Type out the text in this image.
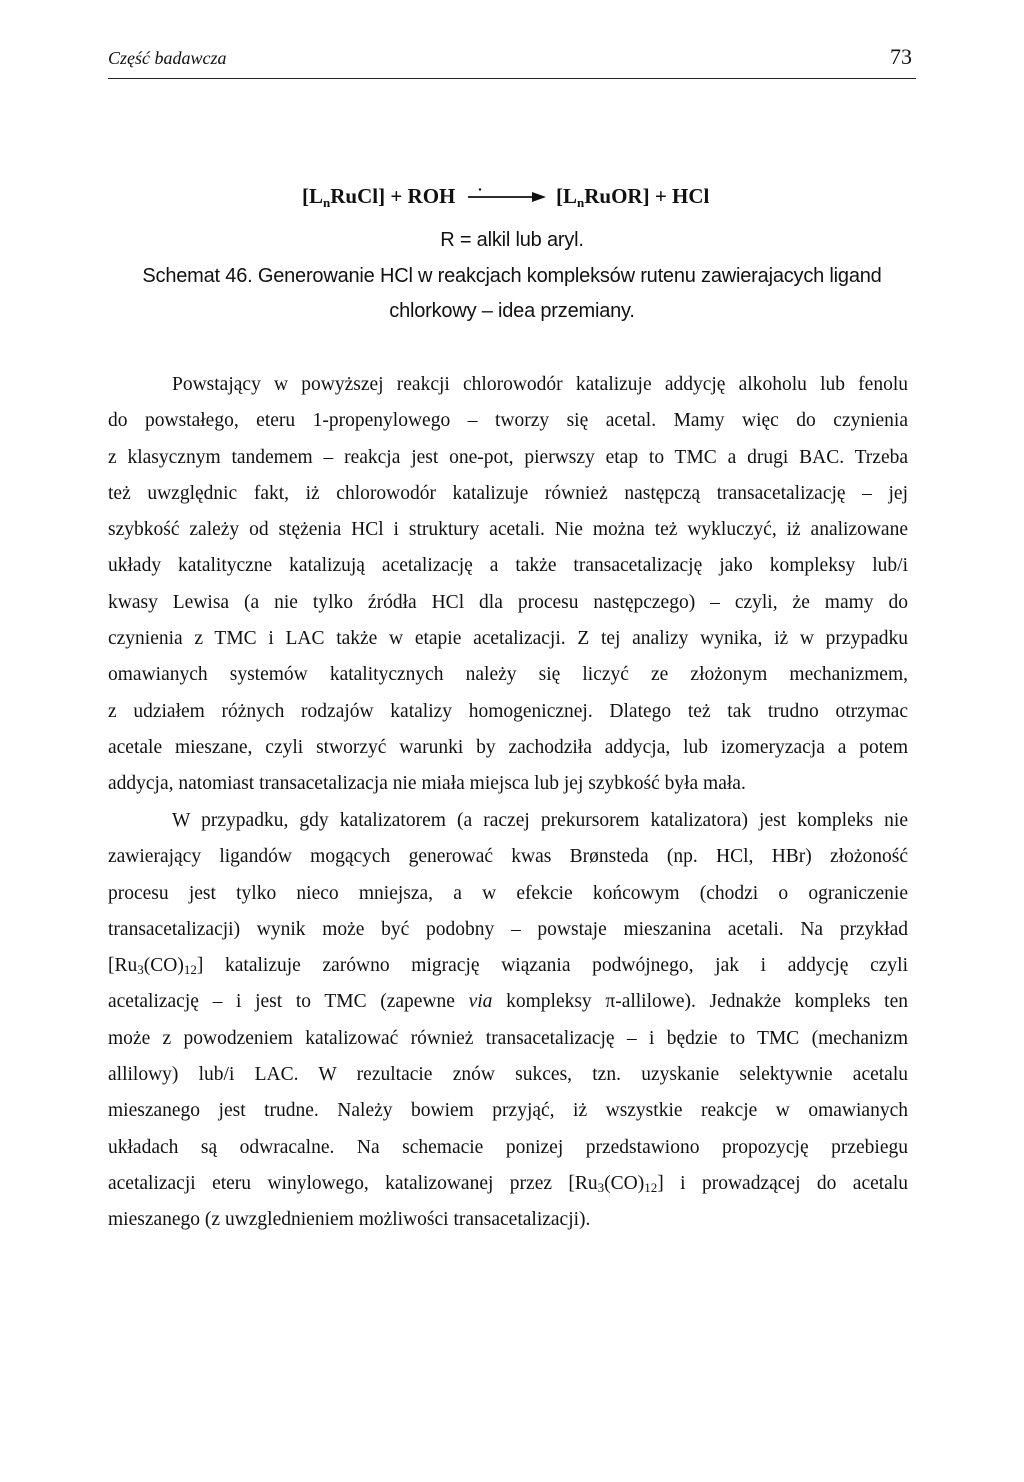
Część badawcza	73
$[L_nRuCl]$ + ROH	$[L_nRuOR]$ + HCl
R = alkil lub aryl.
Schemat 46. Generowanie HCl w reakcjach kompleksów rutenu zawierajacych ligand
chlorkowy – idea przemiany.
Powstający w powyższej reakcji chlorowodór katalizuje addycję alkoholu lub fenolu
do powstałego, eteru 1-propenylowego – tworzy się acetal. Mamy więc do czynienia
z klasycznym tandemem – reakcja jest one-pot, pierwszy etap to TMC a drugi BAC. Trzeba
też uwzględnic fakt, iż chlorowodór katalizuje również następczą transacetalizację – jej
szybkość zależy od stężenia HCl i struktury acetali. Nie można też wykluczyć, iż analizowane
układy katalityczne katalizują acetalizację a także transacetalizację jako kompleksy lub/i
kwasy Lewisa (a nie tylko źródła HCl dla procesu następczego) – czyli, że mamy do
czynienia z TMC i LAC także w etapie acetalizacji. Z tej analizy wynika, iż w przypadku
omawianych systemów katalitycznych należy się liczyć ze złożonym mechanizmem,
z udziałem różnych rodzajów katalizy homogenicznej. Dlatego też tak trudno otrzymac
acetale mieszane, czyli stworzyć warunki by zachodziła addycja, lub izomeryzacja a potem
addycja, natomiast transacetalizacja nie miała miejsca lub jej szybkość była mała.
W przypadku, gdy katalizatorem (a raczej prekursorem katalizatora) jest kompleks nie
zawierający ligandów mogących generować kwas Brønsteda (np. HCl, HBr) złożoność
procesu jest tylko nieco mniejsza, a w efekcie końcowym (chodzi o ograniczenie
transacetalizacji) wynik może być podobny – powstaje mieszanina acetali. Na przykład
$[Ru_3(CO)_{12}]$ katalizuje zarówno migrację wiązania podwójnego, jak i addycję czyli
acetalizację – i jest to TMC (zapewne via kompleksy π-allilowe). Jednakże kompleks ten
może z powodzeniem katalizować również transacetalizację – i będzie to TMC (mechanizm
allilowy) lub/i LAC. W rezultacie znów sukces, tzn. uzyskanie selektywnie acetalu
mieszanego jest trudne. Należy bowiem przyjąć, iż wszystkie reakcje w omawianych
układach są odwracalne. Na schemacie ponizej przedstawiono propozycję przebiegu
acetalizacji eteru winylowego, katalizowanej przez $[Ru_3(CO)_{12}]$ i prowadzącej do acetalu
mieszanego (z uwzglednieniem możliwości transacetalizacji).
